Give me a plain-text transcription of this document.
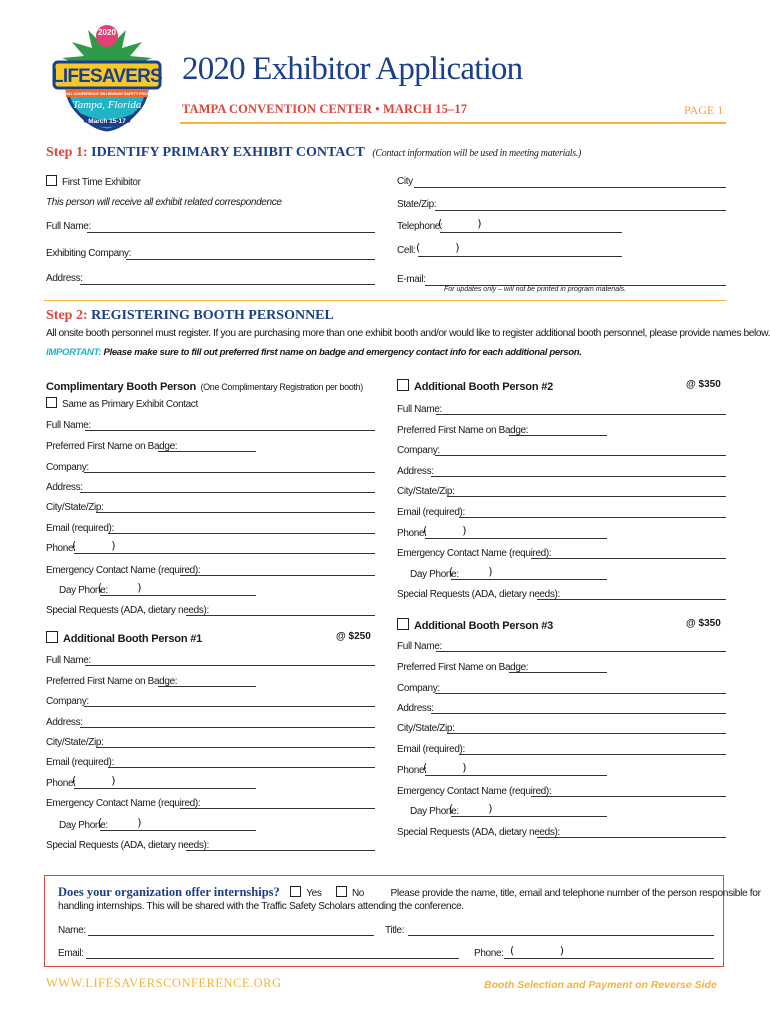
2020
LIFESAVERS
NATIONAL CONFERENCE ON HIGHWAY SAFETY PRIORITIES
Tampa, Florida
March 15-17
2020 Exhibitor Application
TAMPA CONVENTION CENTER • MARCH 15–17	PAGE 1
Step 1: IDENTIFY PRIMARY EXHIBIT CONTACT (Contact information will be used in meeting materials.)
First Time Exhibitor
This person will receive all exhibit related correspondence
Full Name:
Exhibiting Company:
Address:
City
State/Zip:
Telephone:
(          )
Cell: (          )
E-mail:
For updates only – will not be printed in program materials.
Step 2: REGISTERING BOOTH PERSONNEL
All onsite booth personnel must register. If you are purchasing more than one exhibit booth and/or would like to register additional booth personnel, please provide names below.
IMPORTANT: Please make sure to fill out preferred first name on badge and emergency contact info for each additional person.
Complimentary Booth Person (One Complimentary Registration per booth)
Same as Primary Exhibit Contact
Full Name:
Preferred First Name on Badge:
Company:
Address:
City/State/Zip:
Email (required):
Phone:
(          )
Emergency Contact Name (required):
Day Phone:
(          )
Special Requests (ADA, dietary needs):
Additional Booth Person #1	@ $250
Full Name:
Preferred First Name on Badge:
Company:
Address:
City/State/Zip:
Email (required):
Phone:
(          )
Emergency Contact Name (required):
Day Phone:
(          )
Special Requests (ADA, dietary needs):
Additional Booth Person #2	@ $350
Full Name:
Preferred First Name on Badge:
Company:
Address:
City/State/Zip:
Email (required):
Phone:
(          )
Emergency Contact Name (required):
Day Phone:
(          )
Special Requests (ADA, dietary needs):
Additional Booth Person #3	@ $350
Full Name:
Preferred First Name on Badge:
Company:
Address:
City/State/Zip:
Email (required):
Phone:
(          )
Emergency Contact Name (required):
Day Phone:
(          )
Special Requests (ADA, dietary needs):
Does your organization offer internships?	Yes	No	Please provide the name, title, email and telephone number of the person responsible for
handling internships. This will be shared with the Traffic Safety Scholars attending the conference.
Name:	Title:
Email:	Phone: (             )
WWW.LIFESAVERSCONFERENCE.ORG	Booth Selection and Payment on Reverse Side
